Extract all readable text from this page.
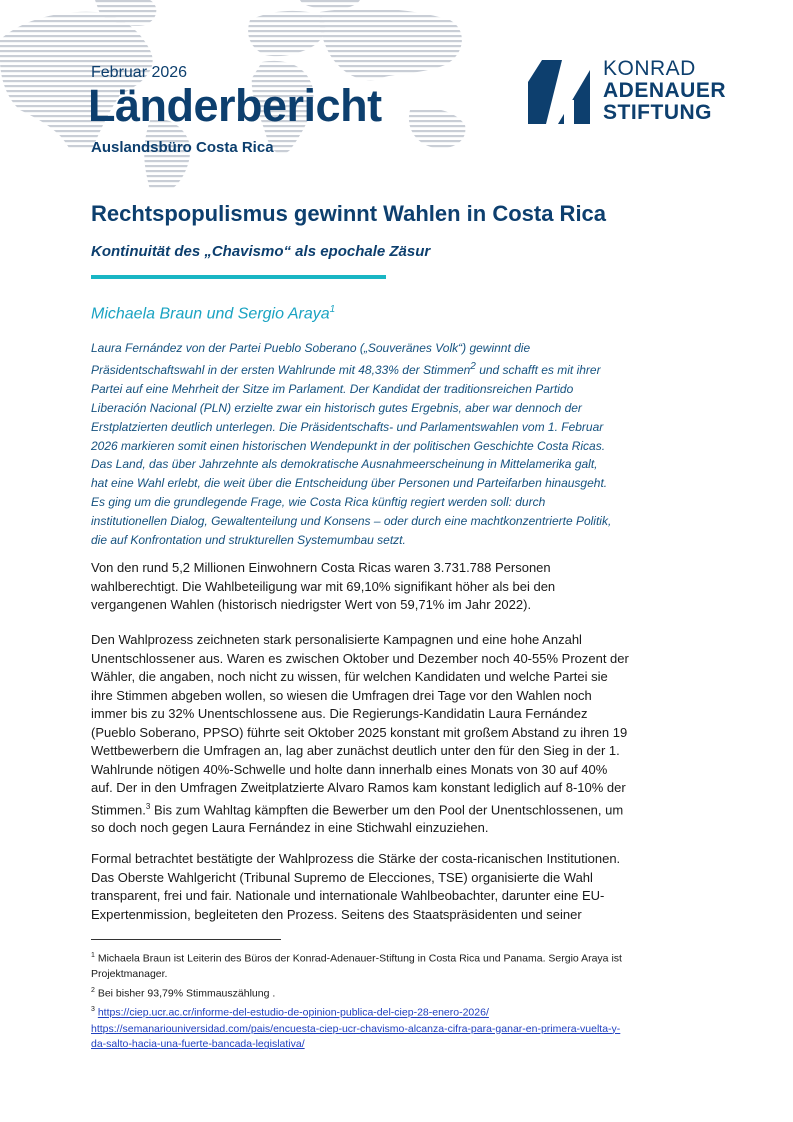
Februar 2026
Länderbericht
Auslandsbüro Costa Rica
KONRAD
ADENAUER
STIFTUNG
Rechtspopulismus gewinnt Wahlen in Costa Rica
Kontinuität des „Chavismo“ als epochale Zäsur
Michaela Braun und Sergio Araya$^1$
Laura Fernández von der Partei Pueblo Soberano („Souveränes Volk“) gewinnt die
Präsidentschaftswahl in der ersten Wahlrunde mit 48,33% der Stimmen$^2$ und schafft es mit ihrer
Partei auf eine Mehrheit der Sitze im Parlament. Der Kandidat der traditionsreichen Partido
Liberación Nacional (PLN) erzielte zwar ein historisch gutes Ergebnis, aber war dennoch der
Erstplatzierten deutlich unterlegen. Die Präsidentschafts- und Parlamentswahlen vom 1. Februar
2026 markieren somit einen historischen Wendepunkt in der politischen Geschichte Costa Ricas.
Das Land, das über Jahrzehnte als demokratische Ausnahmeerscheinung in Mittelamerika galt,
hat eine Wahl erlebt, die weit über die Entscheidung über Personen und Parteifarben hinausgeht.
Es ging um die grundlegende Frage, wie Costa Rica künftig regiert werden soll: durch
institutionellen Dialog, Gewaltenteilung und Konsens – oder durch eine machtkonzentrierte Politik,
die auf Konfrontation und strukturellen Systemumbau setzt.
Von den rund 5,2 Millionen Einwohnern Costa Ricas waren 3.731.788 Personen
wahlberechtigt. Die Wahlbeteiligung war mit 69,10% signifikant höher als bei den
vergangenen Wahlen (historisch niedrigster Wert von 59,71% im Jahr 2022).
Den Wahlprozess zeichneten stark personalisierte Kampagnen und eine hohe Anzahl
Unentschlossener aus. Waren es zwischen Oktober und Dezember noch 40-55% Prozent der
Wähler, die angaben, noch nicht zu wissen, für welchen Kandidaten und welche Partei sie
ihre Stimmen abgeben wollen, so wiesen die Umfragen drei Tage vor den Wahlen noch
immer bis zu 32% Unentschlossene aus. Die Regierungs-Kandidatin Laura Fernández
(Pueblo Soberano, PPSO) führte seit Oktober 2025 konstant mit großem Abstand zu ihren 19
Wettbewerbern die Umfragen an, lag aber zunächst deutlich unter den für den Sieg in der 1.
Wahlrunde nötigen 40%-Schwelle und holte dann innerhalb eines Monats von 30 auf 40%
auf. Der in den Umfragen Zweitplatzierte Alvaro Ramos kam konstant lediglich auf 8-10% der
Stimmen.$^3$ Bis zum Wahltag kämpften die Bewerber um den Pool der Unentschlossenen, um
so doch noch gegen Laura Fernández in eine Stichwahl einzuziehen.
Formal betrachtet bestätigte der Wahlprozess die Stärke der costa-ricanischen Institutionen.
Das Oberste Wahlgericht (Tribunal Supremo de Elecciones, TSE) organisierte die Wahl
transparent, frei und fair. Nationale und internationale Wahlbeobachter, darunter eine EU-
Expertenmission, begleiteten den Prozess. Seitens des Staatspräsidenten und seiner
$^1$ Michaela Braun ist Leiterin des Büros der Konrad-Adenauer-Stiftung in Costa Rica und Panama. Sergio Araya ist
Projektmanager.
$^2$ Bei bisher 93,79% Stimmauszählung .
$^3$ https://ciep.ucr.ac.cr/informe-del-estudio-de-opinion-publica-del-ciep-28-enero-2026/
https://semanariouniversidad.com/pais/encuesta-ciep-ucr-chavismo-alcanza-cifra-para-ganar-en-primera-vuelta-y-
da-salto-hacia-una-fuerte-bancada-legislativa/
